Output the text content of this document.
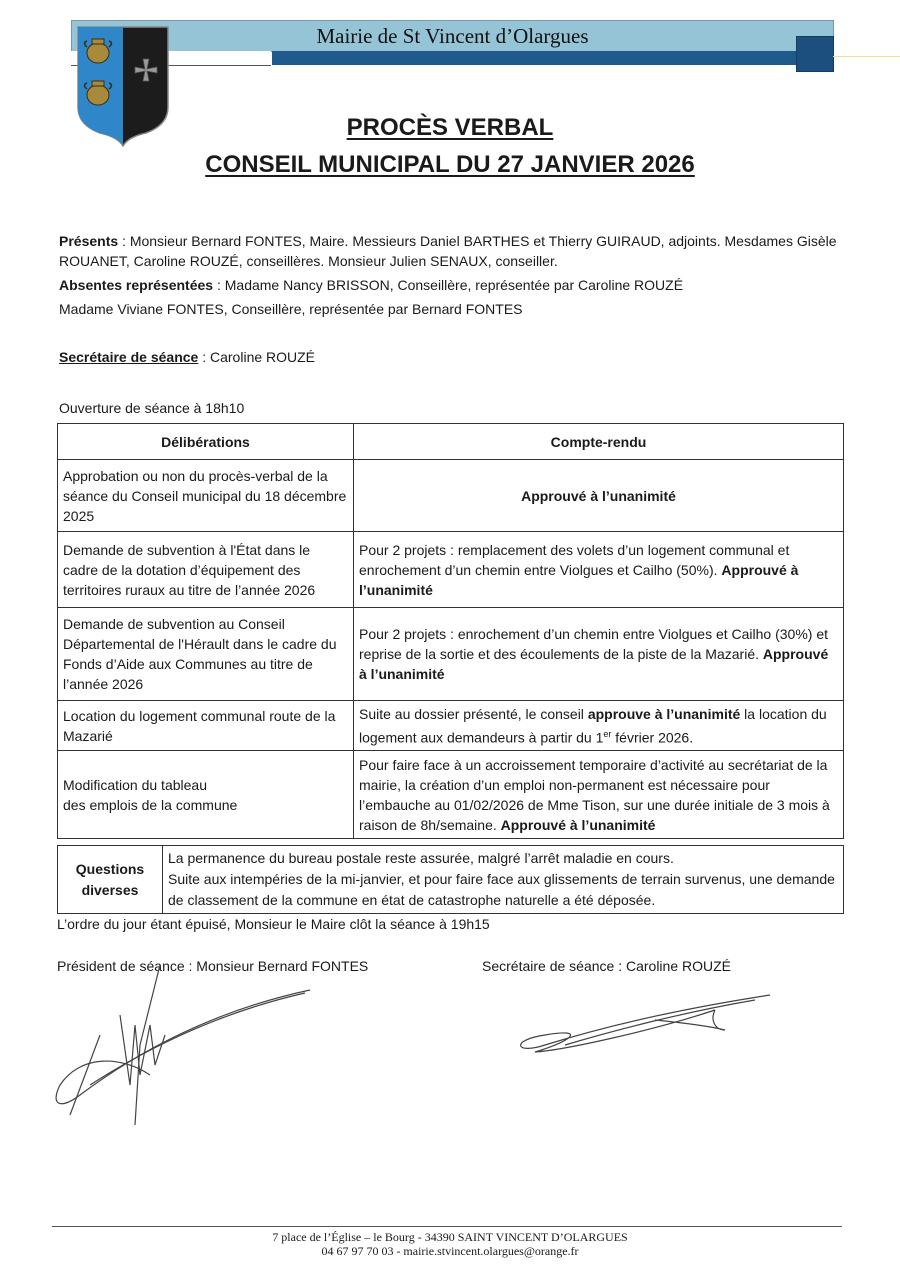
Mairie de St Vincent d’Olargues
PROCÈS VERBAL
CONSEIL MUNICIPAL DU 27 JANVIER 2026
Présents : Monsieur Bernard FONTES, Maire. Messieurs Daniel BARTHES et Thierry GUIRAUD, adjoints. Mesdames Gisèle ROUANET, Caroline ROUZÉ, conseillères. Monsieur Julien SENAUX, conseiller.
Absentes représentées : Madame Nancy BRISSON, Conseillère, représentée par Caroline ROUZÉ
Madame Viviane FONTES, Conseillère, représentée par Bernard FONTES
Secrétaire de séance : Caroline ROUZÉ
Ouverture de séance à 18h10
Délibérations	Compte-rendu
Approbation ou non du procès-verbal de la séance du Conseil municipal du 18 décembre 2025	Approuvé à l’unanimité
Demande de subvention à l'État dans le cadre de la dotation d’équipement des territoires ruraux au titre de l’année 2026	Pour 2 projets : remplacement des volets d’un logement communal et enrochement d’un chemin entre Violgues et Cailho (50%). Approuvé à l’unanimité
Demande de subvention au Conseil Départemental de l'Hérault dans le cadre du Fonds d’Aide aux Communes au titre de l’année 2026	Pour 2 projets : enrochement d’un chemin entre Violgues et Cailho (30%) et reprise de la sortie et des écoulements de la piste de la Mazarié. Approuvé à l’unanimité
Location du logement communal route de la Mazarié	Suite au dossier présenté, le conseil approuve à l’unanimité la location du logement aux demandeurs à partir du 1er février 2026.
Modification du tableau
des emplois de la commune	Pour faire face à un accroissement temporaire d’activité au secrétariat de la mairie, la création d’un emploi non-permanent est nécessaire pour l’embauche au 01/02/2026 de Mme Tison, sur une durée initiale de 3 mois à raison de 8h/semaine. Approuvé à l’unanimité
Questions
diverses	La permanence du bureau postale reste assurée, malgré l’arrêt maladie en cours.
Suite aux intempéries de la mi-janvier, et pour faire face aux glissements de terrain survenus, une demande de classement de la commune en état de catastrophe naturelle a été déposée.
L’ordre du jour étant épuisé, Monsieur le Maire clôt la séance à 19h15
Président de séance : Monsieur Bernard FONTES	Secrétaire de séance : Caroline ROUZÉ
7 place de l’Église – le Bourg - 34390 SAINT VINCENT D’OLARGUES
04 67 97 70 03 - mairie.stvincent.olargues@orange.fr
